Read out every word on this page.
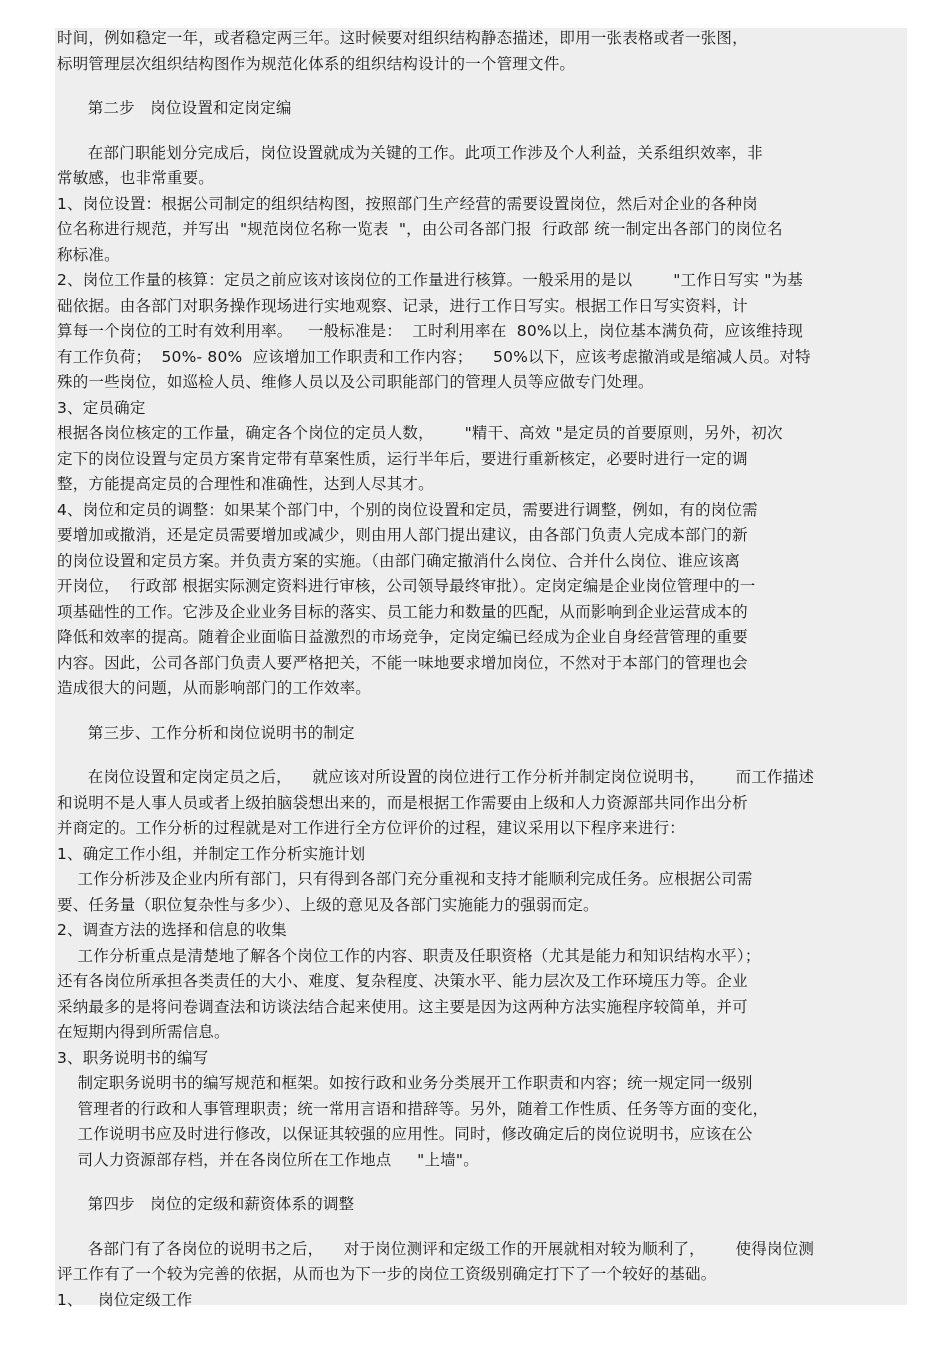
时间，例如稳定一年，或者稳定两三年。这时候要对组织结构静态描述，即用一张表格或者一张图，
标明管理层次组织结构图作为规范化体系的组织结构设计的一个管理文件。
第二步   岗位设置和定岗定编
在部门职能划分完成后，岗位设置就成为关键的工作。此项工作涉及个人利益，关系组织效率，非
常敏感，也非常重要。
1、岗位设置：根据公司制定的组织结构图，按照部门生产经营的需要设置岗位，然后对企业的各种岗
位名称进行规范，并写出  "规范岗位名称一览表  "，由公司各部门报  行政部 统一制定出各部门的岗位名
称标准。
2、岗位工作量的核算：定员之前应该对该岗位的工作量进行核算。一般采用的是以        "工作日写实 "为基
础依据。由各部门对职务操作现场进行实地观察、记录，进行工作日写实。根据工作日写实资料，计
算每一个岗位的工时有效利用率。   一般标准是：  工时利用率在  80%以上，岗位基本满负荷，应该维持现
有工作负荷；  50%- 80%  应该增加工作职责和工作内容；    50%以下，应该考虑撤消或是缩减人员。对特
殊的一些岗位，如巡检人员、维修人员以及公司职能部门的管理人员等应做专门处理。
3、定员确定
根据各岗位核定的工作量，确定各个岗位的定员人数，      "精干、高效 "是定员的首要原则，另外，初次
定下的岗位设置与定员方案肯定带有草案性质，运行半年后，要进行重新核定，必要时进行一定的调
整，方能提高定员的合理性和准确性，达到人尽其才。
4、岗位和定员的调整：如果某个部门中，个别的岗位设置和定员，需要进行调整，例如，有的岗位需
要增加或撤消，还是定员需要增加或减少，则由用人部门提出建议，由各部门负责人完成本部门的新
的岗位设置和定员方案。并负责方案的实施。（由部门确定撤消什么岗位、合并什么岗位、谁应该离
开岗位，  行政部 根据实际测定资料进行审核，公司领导最终审批）。定岗定编是企业岗位管理中的一
项基础性的工作。它涉及企业业务目标的落实、员工能力和数量的匹配，从而影响到企业运营成本的
降低和效率的提高。随着企业面临日益激烈的市场竞争，定岗定编已经成为企业自身经营管理的重要
内容。因此，公司各部门负责人要严格把关，不能一味地要求增加岗位，不然对于本部门的管理也会
造成很大的问题，从而影响部门的工作效率。
第三步、工作分析和岗位说明书的制定
在岗位设置和定岗定员之后，    就应该对所设置的岗位进行工作分析并制定岗位说明书，      而工作描述
和说明不是人事人员或者上级拍脑袋想出来的，而是根据工作需要由上级和人力资源部共同作出分析
并商定的。工作分析的过程就是对工作进行全方位评价的过程，建议采用以下程序来进行：
1、确定工作小组，并制定工作分析实施计划
工作分析涉及企业内所有部门，只有得到各部门充分重视和支持才能顺利完成任务。应根据公司需
要、任务量（职位复杂性与多少）、上级的意见及各部门实施能力的强弱而定。
2、调查方法的选择和信息的收集
工作分析重点是清楚地了解各个岗位工作的内容、职责及任职资格（尤其是能力和知识结构水平）；
还有各岗位所承担各类责任的大小、难度、复杂程度、决策水平、能力层次及工作环境压力等。企业
采纳最多的是将问卷调查法和访谈法结合起来使用。这主要是因为这两种方法实施程序较简单，并可
在短期内得到所需信息。
3、职务说明书的编写
制定职务说明书的编写规范和框架。如按行政和业务分类展开工作职责和内容；统一规定同一级别
管理者的行政和人事管理职责；统一常用言语和措辞等。另外，随着工作性质、任务等方面的变化，
工作说明书应及时进行修改，以保证其较强的应用性。同时，修改确定后的岗位说明书，应该在公
司人力资源部存档，并在各岗位所在工作地点     "上墙"。
第四步   岗位的定级和薪资体系的调整
各部门有了各岗位的说明书之后，    对于岗位测评和定级工作的开展就相对较为顺利了，      使得岗位测
评工作有了一个较为完善的依据，从而也为下一步的岗位工资级别确定打下了一个较好的基础。
1、   岗位定级工作
